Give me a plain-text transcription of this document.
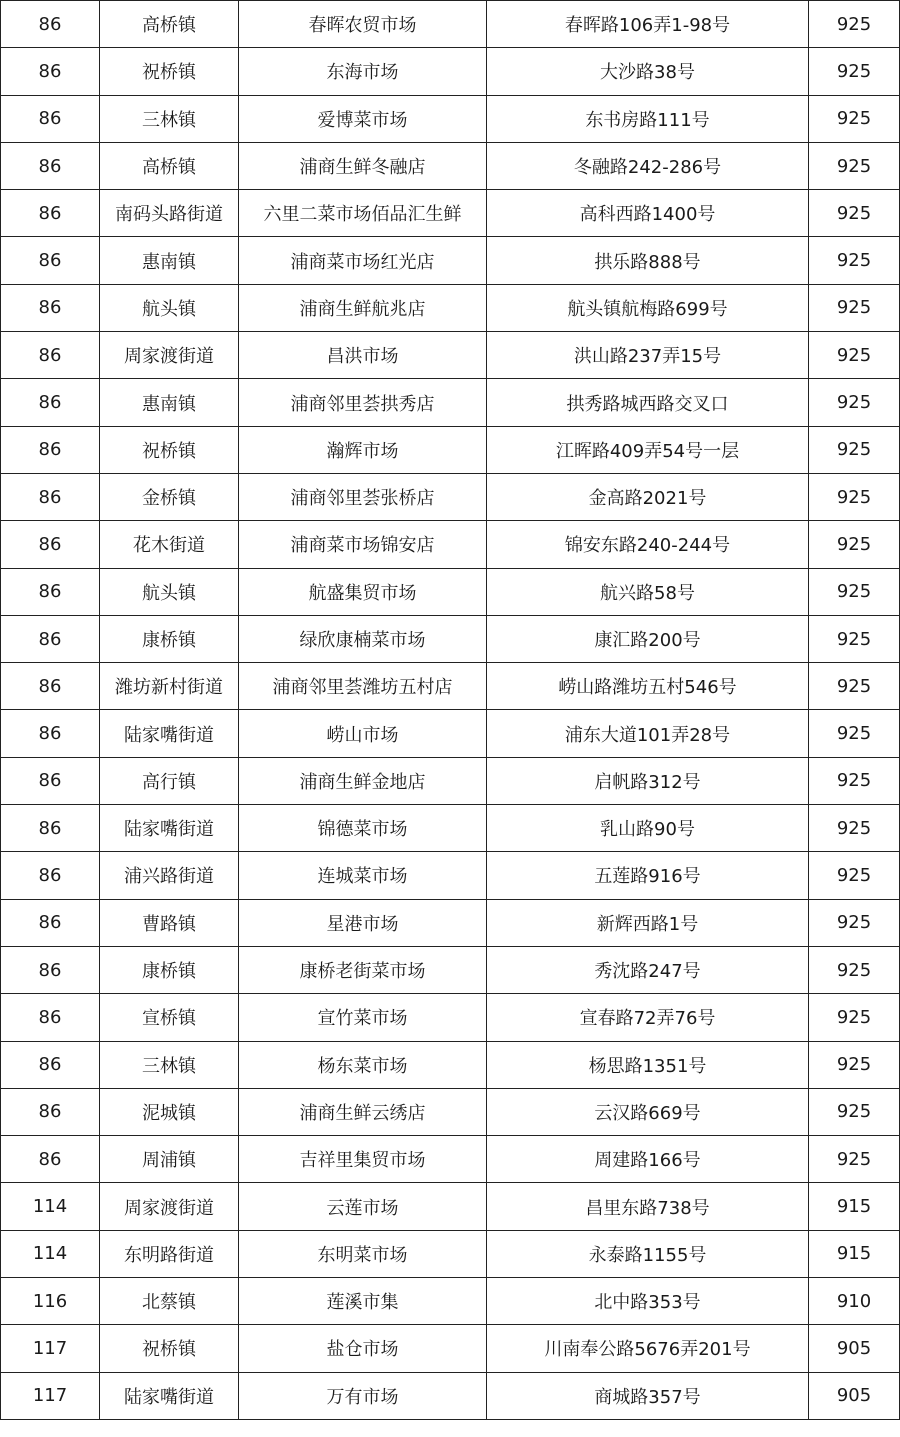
86	高桥镇	春晖农贸市场	春晖路106弄1-98号	925
86	祝桥镇	东海市场	大沙路38号	925
86	三林镇	爱博菜市场	东书房路111号	925
86	高桥镇	浦商生鲜冬融店	冬融路242-286号	925
86	南码头路街道	六里二菜市场佰品汇生鲜	高科西路1400号	925
86	惠南镇	浦商菜市场红光店	拱乐路888号	925
86	航头镇	浦商生鲜航兆店	航头镇航梅路699号	925
86	周家渡街道	昌洪市场	洪山路237弄15号	925
86	惠南镇	浦商邻里荟拱秀店	拱秀路城西路交叉口	925
86	祝桥镇	瀚辉市场	江晖路409弄54号一层	925
86	金桥镇	浦商邻里荟张桥店	金高路2021号	925
86	花木街道	浦商菜市场锦安店	锦安东路240-244号	925
86	航头镇	航盛集贸市场	航兴路58号	925
86	康桥镇	绿欣康楠菜市场	康汇路200号	925
86	潍坊新村街道	浦商邻里荟潍坊五村店	崂山路潍坊五村546号	925
86	陆家嘴街道	崂山市场	浦东大道101弄28号	925
86	高行镇	浦商生鲜金地店	启帆路312号	925
86	陆家嘴街道	锦德菜市场	乳山路90号	925
86	浦兴路街道	连城菜市场	五莲路916号	925
86	曹路镇	星港市场	新辉西路1号	925
86	康桥镇	康桥老街菜市场	秀沈路247号	925
86	宣桥镇	宣竹菜市场	宣春路72弄76号	925
86	三林镇	杨东菜市场	杨思路1351号	925
86	泥城镇	浦商生鲜云绣店	云汉路669号	925
86	周浦镇	吉祥里集贸市场	周建路166号	925
114	周家渡街道	云莲市场	昌里东路738号	915
114	东明路街道	东明菜市场	永泰路1155号	915
116	北蔡镇	莲溪市集	北中路353号	910
117	祝桥镇	盐仓市场	川南奉公路5676弄201号	905
117	陆家嘴街道	万有市场	商城路357号	905
